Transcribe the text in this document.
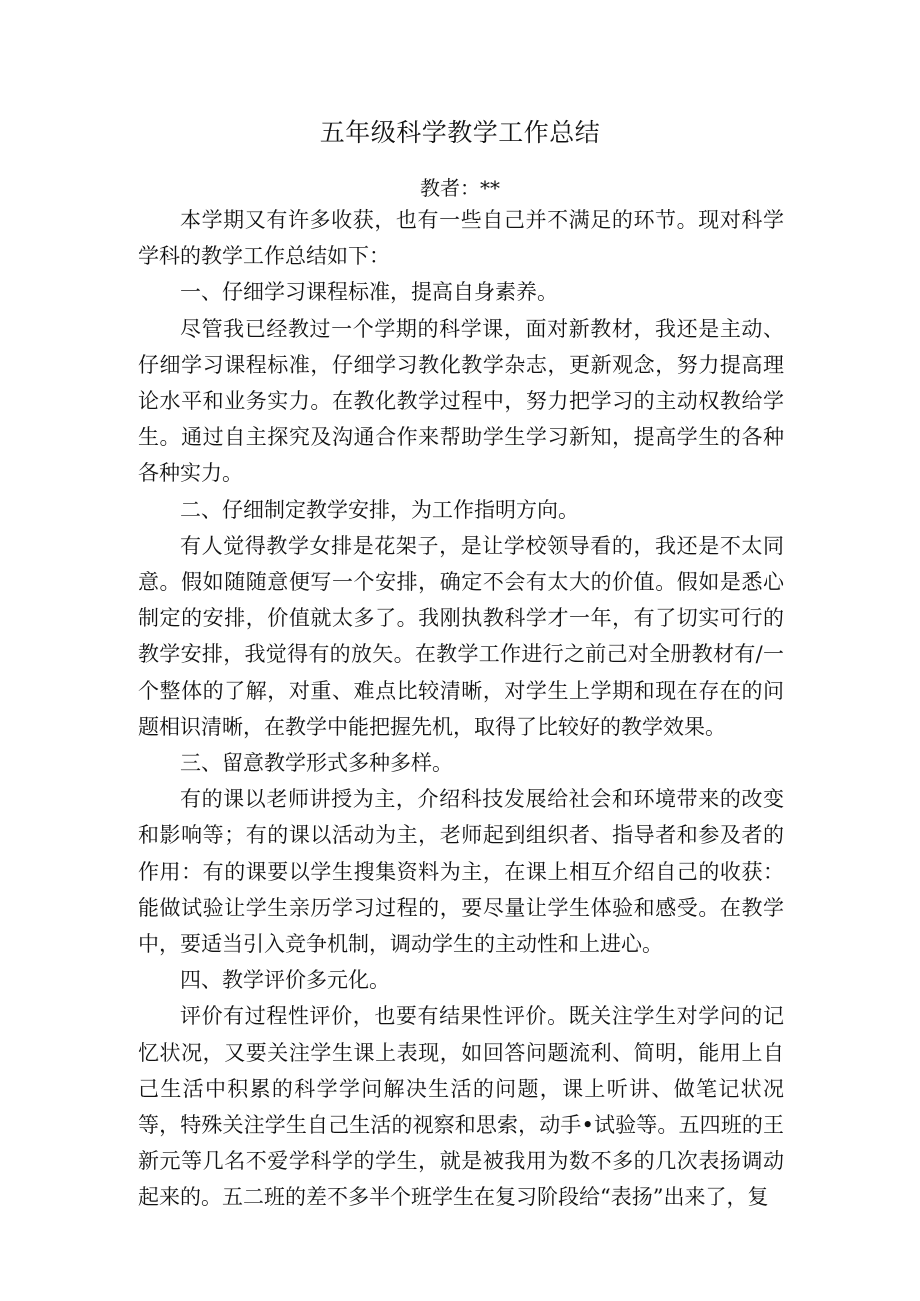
五年级科学教学工作总结
教者：**

本学期又有许多收获，也有一些自己并不满足的环节。现对科学学科的教学工作总结如下：

一、仔细学习课程标准，提高自身素养。

尽管我已经教过一个学期的科学课，面对新教材，我还是主动、仔细学习课程标准，仔细学习教化教学杂志，更新观念，努力提高理论水平和业务实力。在教化教学过程中，努力把学习的主动权教给学生。通过自主探究及沟通合作来帮助学生学习新知，提高学生的各种各种实力。

二、仔细制定教学安排，为工作指明方向。

有人觉得教学女排是花架子，是让学校领导看的，我还是不太同意。假如随随意便写一个安排，确定不会有太大的价值。假如是悉心制定的安排，价值就太多了。我刚执教科学才一年，有了切实可行的教学安排，我觉得有的放矢。在教学工作进行之前己对全册教材有/一个整体的了解，对重、难点比较清晰，对学生上学期和现在存在的问题相识清晰，在教学中能把握先机，取得了比较好的教学效果。

三、留意教学形式多种多样。

有的课以老师讲授为主，介绍科技发展给社会和环境带来的改变和影响等；有的课以活动为主，老师起到组织者、指导者和参及者的作用：有的课要以学生搜集资料为主，在课上相互介绍自己的收获：能做试验让学生亲历学习过程的，要尽量让学生体验和感受。在教学中，要适当引入竞争机制，调动学生的主动性和上进心。

四、教学评价多元化。

评价有过程性评价，也要有结果性评价。既关注学生对学问的记忆状况，又要关注学生课上表现，如回答问题流利、简明，能用上自己生活中积累的科学学问解决生活的问题，课上听讲、做笔记状况等，特殊关注学生自己生活的视察和思索，动手•试验等。五四班的王新元等几名不爱学科学的学生，就是被我用为数不多的几次表扬调动起来的。五二班的差不多半个班学生在复习阶段给“表扬”出来了，复
